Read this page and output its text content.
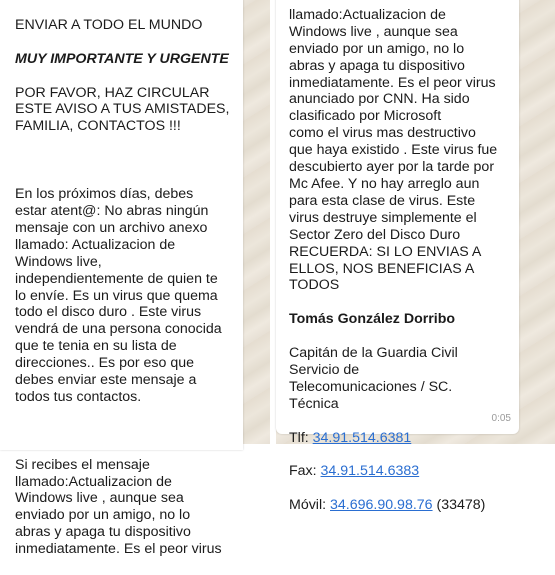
ENVIAR A TODO EL MUNDO

MUY IMPORTANTE Y URGENTE

POR FAVOR, HAZ CIRCULAR
ESTE AVISO A TUS AMISTADES,
FAMILIA, CONTACTOS !!!

En los próximos días, debes
estar atent@: No abras ningún
mensaje con un archivo anexo
llamado: Actualizacion de
Windows live,
independientemente de quien te
lo envíe. Es un virus que quema
todo el disco duro . Este virus
vendrá de una persona conocida
que te tenia en su lista de
direcciones.. Es por eso que
debes enviar este mensaje a
todos tus contactos.

Si recibes el mensaje
llamado:Actualizacion de
Windows live , aunque sea
enviado por un amigo, no lo
abras y apaga tu dispositivo
inmediatamente. Es el peor virus

llamado:Actualizacion de
Windows live , aunque sea
enviado por un amigo, no lo
abras y apaga tu dispositivo
inmediatamente. Es el peor virus
anunciado por CNN. Ha sido
clasificado por Microsoft
como el virus mas destructivo
que haya existido . Este virus fue
descubierto ayer por la tarde por
Mc Afee. Y no hay arreglo aun
para esta clase de virus. Este
virus destruye simplemente el
Sector Zero del Disco Duro
RECUERDA: SI LO ENVIAS A
ELLOS, NOS BENEFICIAS A
TODOS

Tomás González Dorribo

Capitán de la Guardia Civil
Servicio de
Telecomunicaciones / SC.
Técnica

Tlf: 34.91.514.6381

Fax: 34.91.514.6383

Móvil: 34.696.90.98.76 (33478)

0:05
